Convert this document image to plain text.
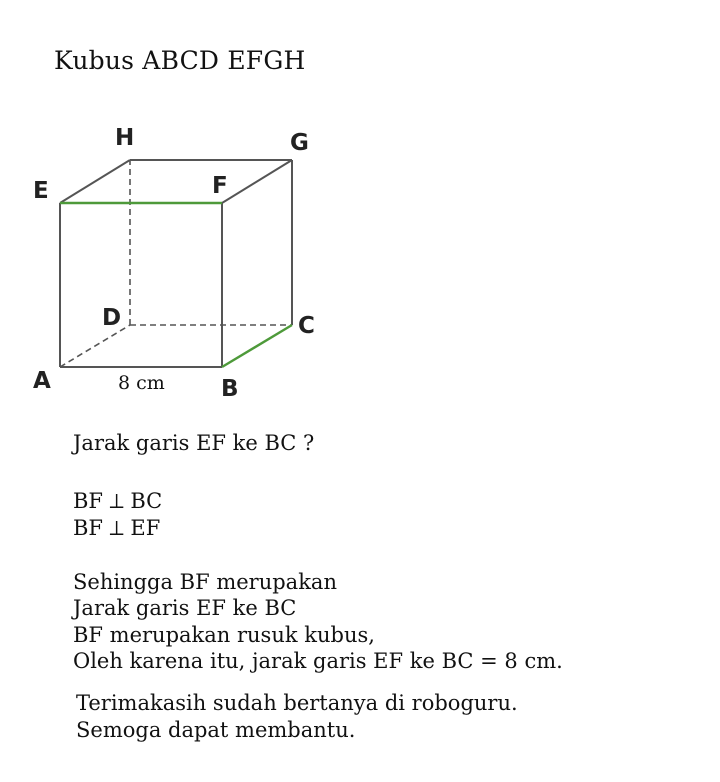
Kubus ABCD EFGH
H	G
E	F
D	C
A	B
8 cm
Jarak garis EF ke BC ?
BF ⟂ BC
BF ⟂ EF
Sehingga BF merupakan
Jarak garis EF ke BC
BF merupakan rusuk kubus,
Oleh karena itu, jarak garis EF ke BC = 8 cm.
Terimakasih sudah bertanya di roboguru.
Semoga dapat membantu.
